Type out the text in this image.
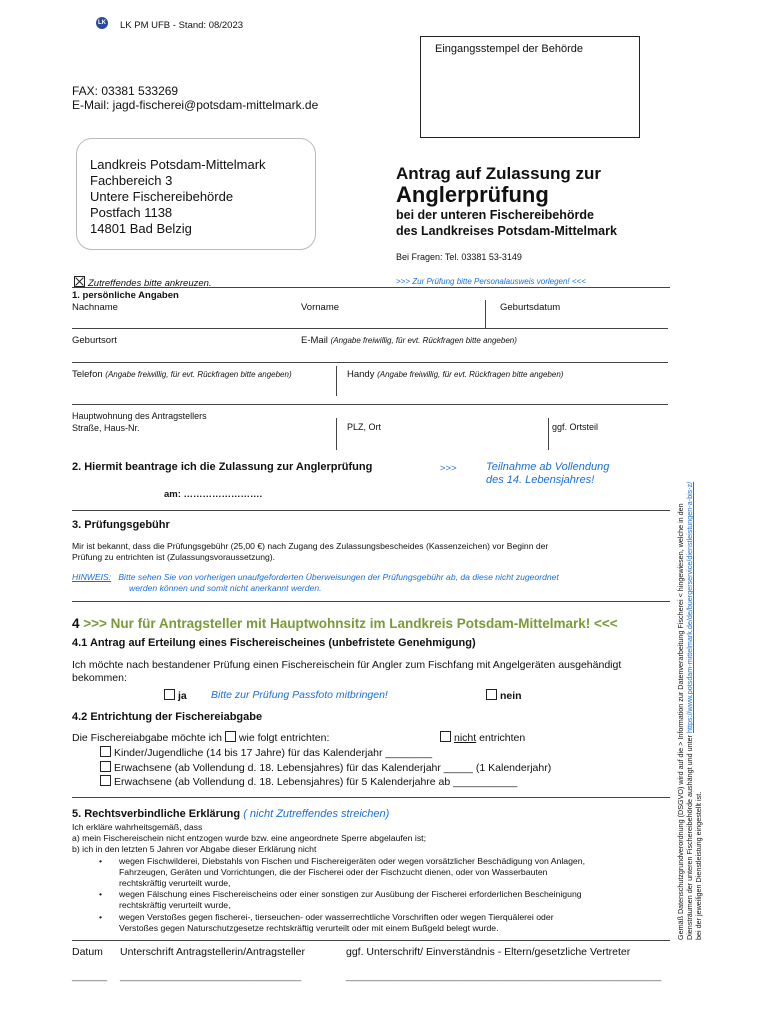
LK LK PM UFB - Stand: 08/2023
Eingangsstempel der Behörde
FAX: 03381 533269
E-Mail: jagd-fischerei@potsdam-mittelmark.de
Landkreis Potsdam-Mittelmark
Fachbereich 3
Untere Fischereibehörde
Postfach 1138
14801 Bad Belzig
Antrag auf Zulassung zur
Anglerprüfung
bei der unteren Fischereibehörde
des Landkreises Potsdam-Mittelmark
Bei Fragen: Tel. 03381 53-3149
Zutreffendes bitte ankreuzen.	>>> Zur Prüfung bitte Personalausweis vorlegen! <<<
1. persönliche Angaben
Nachname	Vorname	Geburtsdatum
Geburtsort	E-Mail (Angabe freiwillig, für evt. Rückfragen bitte angeben)
Telefon (Angabe freiwillig, für evt. Rückfragen bitte angeben)	Handy (Angabe freiwillig, für evt. Rückfragen bitte angeben)
Hauptwohnung des Antragstellers
Straße, Haus-Nr.	PLZ, Ort	ggf. Ortsteil
2. Hiermit beantrage ich die Zulassung zur Anglerprüfung	>>>	Teilnahme ab Vollendung
des 14. Lebensjahres!
am: …………………….
3. Prüfungsgebühr
Mir ist bekannt, dass die Prüfungsgebühr (25,00 €) nach Zugang des Zulassungsbescheides (Kassenzeichen) vor Beginn der
Prüfung zu entrichten ist (Zulassungsvoraussetzung).
HINWEIS: Bitte sehen Sie von vorherigen unaufgeforderten Überweisungen der Prüfungsgebühr ab, da diese nicht zugeordnet
werden können und somit nicht anerkannt werden.
4 >>> Nur für Antragsteller mit Hauptwohnsitz im Landkreis Potsdam-Mittelmark! <<<
4.1 Antrag auf Erteilung eines Fischereischeines (unbefristete Genehmigung)
Ich möchte nach bestandener Prüfung einen Fischereischein für Angler zum Fischfang mit Angelgeräten ausgehändigt
bekommen:
ja Bitte zur Prüfung Passfoto mitbringen!	nein
4.2 Entrichtung der Fischereiabgabe
Die Fischereiabgabe möchte ich wie folgt entrichten:	nicht entrichten
Kinder/Jugendliche (14 bis 17 Jahre) für das Kalenderjahr ________
Erwachsene (ab Vollendung d. 18. Lebensjahres) für das Kalenderjahr _____ (1 Kalenderjahr)
Erwachsene (ab Vollendung d. 18. Lebensjahres) für 5 Kalenderjahre ab ___________
5. Rechtsverbindliche Erklärung ( nicht Zutreffendes streichen)
Ich erkläre wahrheitsgemäß, dass
a) mein Fischereischein nicht entzogen wurde bzw. eine angeordnete Sperre abgelaufen ist;
b) ich in den letzten 5 Jahren vor Abgabe dieser Erklärung nicht
• wegen Fischwilderei, Diebstahls von Fischen und Fischereigeräten oder wegen vorsätzlicher Beschädigung von Anlagen,
Fahrzeugen, Geräten und Vorrichtungen, die der Fischerei oder der Fischzucht dienen, oder von Wasserbauten
rechtskräftig verurteilt wurde,
• wegen Fälschung eines Fischereischeins oder einer sonstigen zur Ausübung der Fischerei erforderlichen Bescheinigung
rechtskräftig verurteilt wurde,
• wegen Verstoßes gegen fischerei-, tierseuchen- oder wasserrechtliche Vorschriften oder wegen Tierquälerei oder
Verstoßes gegen Naturschutzgesetze rechtskräftig verurteilt oder mit einem Bußgeld belegt wurde.
Datum Unterschrift Antragstellerin/Antragsteller	ggf. Unterschrift/ Einverständnis - Eltern/gesetzliche Vertreter
______ _______________________________	______________________________________________________
Gemäß Datenschutzgrundverordnung (DSGVO) wird auf die > Information zur Datenverarbeitung Fischerei < hingewiesen, welche in den Diensträumen der unteren Fischereibehörde aushängt und unter https://www.potsdam-mittelmark.de/de/buergerservice/dienstleistungen-a-bis-z/
bei der jeweiligen Dienstleistung eingestellt ist.
